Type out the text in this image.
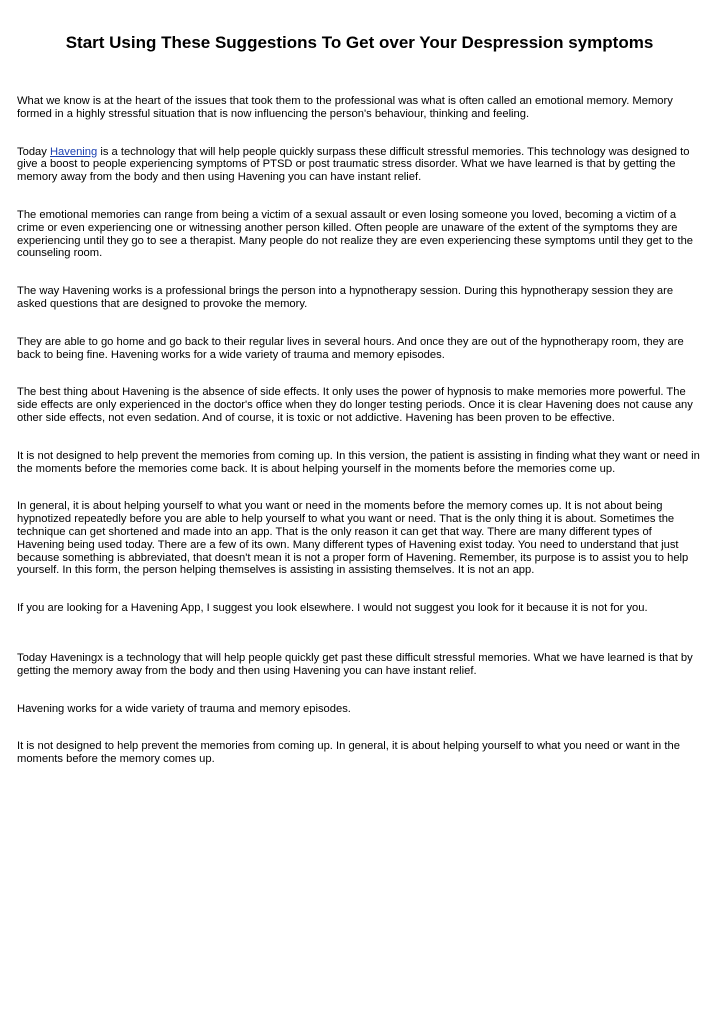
Start Using These Suggestions To Get over Your Despression symptoms

What we know is at the heart of the issues that took them to the professional was what is often called an emotional memory. Memory formed in a highly stressful situation that is now influencing the person's behaviour, thinking and feeling.

Today Havening is a technology that will help people quickly surpass these difficult stressful memories. This technology was designed to give a boost to people experiencing symptoms of PTSD or post traumatic stress disorder. What we have learned is that by getting the memory away from the body and then using Havening you can have instant relief.

The emotional memories can range from being a victim of a sexual assault or even losing someone you loved, becoming a victim of a crime or even experiencing one or witnessing another person killed. Often people are unaware of the extent of the symptoms they are experiencing until they go to see a therapist. Many people do not realize they are even experiencing these symptoms until they get to the counseling room.

The way Havening works is a professional brings the person into a hypnotherapy session. During this hypnotherapy session they are asked questions that are designed to provoke the memory.

They are able to go home and go back to their regular lives in several hours. And once they are out of the hypnotherapy room, they are back to being fine. Havening works for a wide variety of trauma and memory episodes.

The best thing about Havening is the absence of side effects. It only uses the power of hypnosis to make memories more powerful. The side effects are only experienced in the doctor's office when they do longer testing periods. Once it is clear Havening does not cause any other side effects, not even sedation. And of course, it is toxic or not addictive. Havening has been proven to be effective.

It is not designed to help prevent the memories from coming up. In this version, the patient is assisting in finding what they want or need in the moments before the memories come back. It is about helping yourself in the moments before the memories come up.

In general, it is about helping yourself to what you want or need in the moments before the memory comes up. It is not about being hypnotized repeatedly before you are able to help yourself to what you want or need. That is the only thing it is about. Sometimes the technique can get shortened and made into an app. That is the only reason it can get that way. There are many different types of Havening being used today. There are a few of its own. Many different types of Havening exist today. You need to understand that just because something is abbreviated, that doesn't mean it is not a proper form of Havening. Remember, its purpose is to assist you to help yourself. In this form, the person helping themselves is assisting in assisting themselves. It is not an app.

If you are looking for a Havening App, I suggest you look elsewhere. I would not suggest you look for it because it is not for you.

Today Haveningx is a technology that will help people quickly get past these difficult stressful memories. What we have learned is that by getting the memory away from the body and then using Havening you can have instant relief.

Havening works for a wide variety of trauma and memory episodes.

It is not designed to help prevent the memories from coming up. In general, it is about helping yourself to what you need or want in the moments before the memory comes up.
